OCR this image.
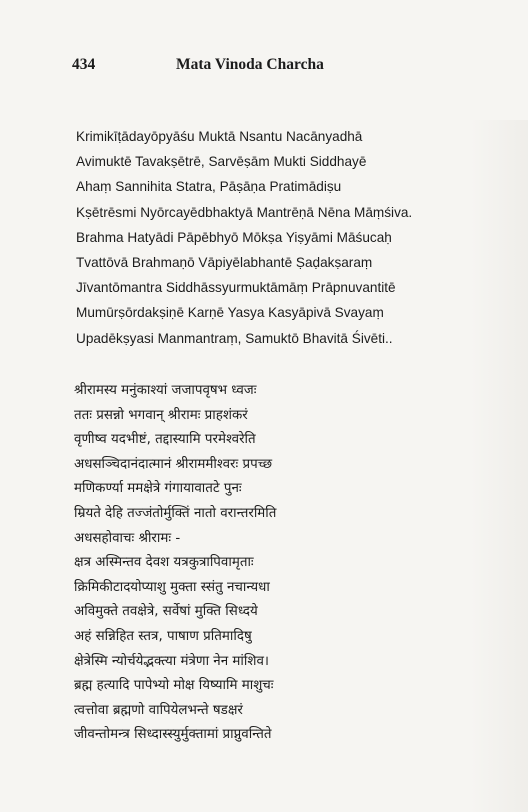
434	Mata Vinoda Charcha
Krimikīṭādayōpyāśu Muktā Nsantu Nacānyadhā
Avimuktē Tavakṣētrē, Sarvēṣām Mukti Siddhayē
Ahaṃ Sannihita Statra, Pāṣāṇa Pratimādiṣu
Kṣētrēsmi Nyōrcayēdbhaktyā Mantrēṇā Nēna Māṃśiva.
Brahma Hatyādi Pāpēbhyō Mōkṣa Yiṣyāmi Māśucaḥ
Tvattōvā Brahmaṇō Vāpiyēlabhantē Ṣaḍakṣaraṃ
Jīvantōmantra Siddhāssyurmuktāmāṃ Prāpnuvantitē
Mumūrṣōrdakṣiṇē Karṇē Yasya Kasyāpivā Svayaṃ
Upadēkṣyasi Manmantraṃ, Samuktō Bhavitā Śivēti..
श्रीरामस्य मनुंकाश्यां जजापवृषभ ध्वजः
ततः प्रसन्नो भगवान् श्रीरामः प्राहशंकरं
वृणीष्व यदभीष्टं, तद्दास्यामि परमेश्वरेति
अधसञ्चिदानंदात्मानं श्रीराममीश्वरः प्रपच्छ
मणिकर्ण्या ममक्षेत्रे गंगायावातटे पुनः
म्रियते देहि तज्जंतोर्मुक्तिं नातो वरान्तरमिति
अधसहोवाचः श्रीरामः -
क्षत्र अस्मिन्तव देवश यत्रकुत्रापिवामृताः
क्रिमिकीटादयोप्याशु मुक्ता स्संतु नचान्यधा
अविमुक्ते तवक्षेत्रे, सर्वेषां मुक्ति सिध्दये
अहं सन्निहित स्तत्र, पाषाण प्रतिमादिषु
क्षेत्रेस्मि न्योर्चयेद्भक्त्या मंत्रेणा नेन मांशिव।
ब्रह्म हत्यादि पापेभ्यो मोक्ष यिष्यामि माशुचः
त्वत्तोवा ब्रह्मणो वापियेलभन्ते षडक्षरं
जीवन्तोमन्त्र सिध्दास्स्युर्मुक्तामां प्राप्नुवन्तिते
